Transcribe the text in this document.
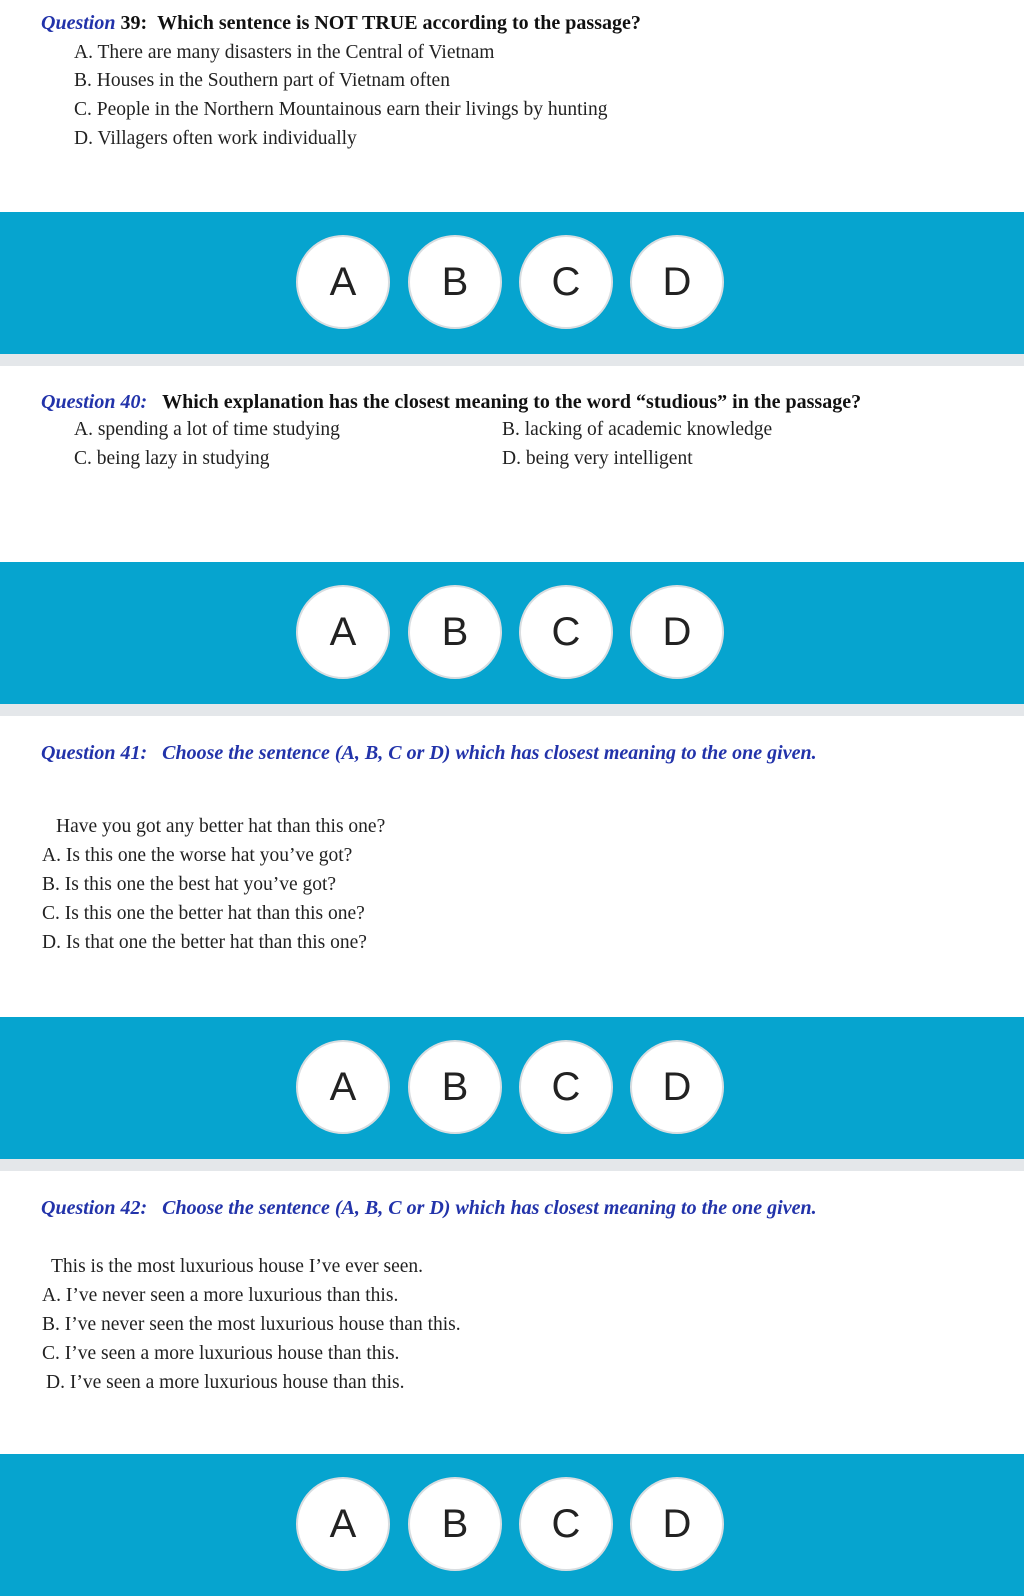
Question 39: Which sentence is NOT TRUE according to the passage?
A. There are many disasters in the Central of Vietnam
B. Houses in the Southern part of Vietnam often
C. People in the Northern Mountainous earn their livings by hunting
D. Villagers often work individually
A	B	C	D
Question 40: Which explanation has the closest meaning to the word “studious” in the passage?
A. spending a lot of time studying	B. lacking of academic knowledge
C. being lazy in studying	D. being very intelligent
A	B	C	D
Question 41: Choose the sentence (A, B, C or D) which has closest meaning to the one given.
Have you got any better hat than this one?
A. Is this one the worse hat you’ve got?
B. Is this one the best hat you’ve got?
C. Is this one the better hat than this one?
D. Is that one the better hat than this one?
A	B	C	D
Question 42: Choose the sentence (A, B, C or D) which has closest meaning to the one given.
This is the most luxurious house I’ve ever seen.
A. I’ve never seen a more luxurious than this.
B. I’ve never seen the most luxurious house than this.
C. I’ve seen a more luxurious house than this.
D. I’ve seen a more luxurious house than this.
A	B	C	D
